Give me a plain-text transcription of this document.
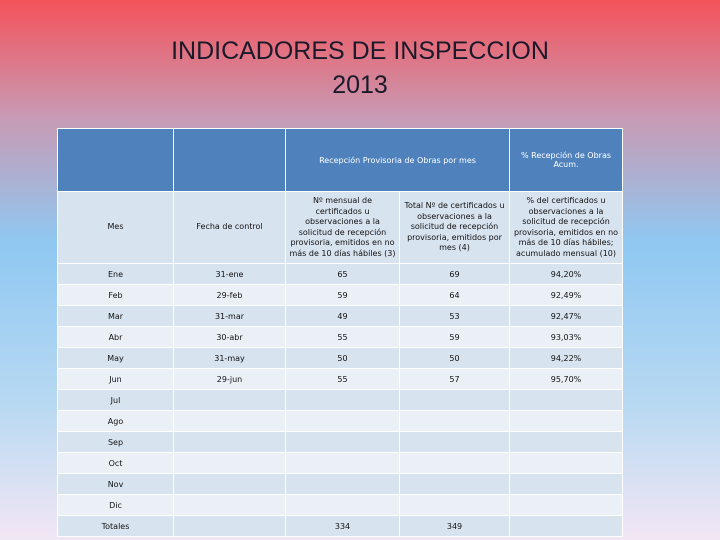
INDICADORES DE INSPECCION
2013
		Recepción Provisoria de Obras por mes		% Recepción de Obras Acum.
Mes	Fecha de control	Nº mensual de certificados u observaciones a la solicitud de recepción provisoria, emitidos en no más de 10 días hábiles (3)	Total Nº de certificados u observaciones a la solicitud de recepción provisoria, emitidos por mes (4)	% del certificados u observaciones a la solicitud de recepción provisoria, emitidos en no más de 10 días hábiles; acumulado mensual (10)
Ene	31-ene	65	69	94,20%
Feb	29-feb	59	64	92,49%
Mar	31-mar	49	53	92,47%
Abr	30-abr	55	59	93,03%
May	31-may	50	50	94,22%
Jun	29-jun	55	57	95,70%
Jul				
Ago				
Sep				
Oct				
Nov				
Dic				
Totales		334	349	
